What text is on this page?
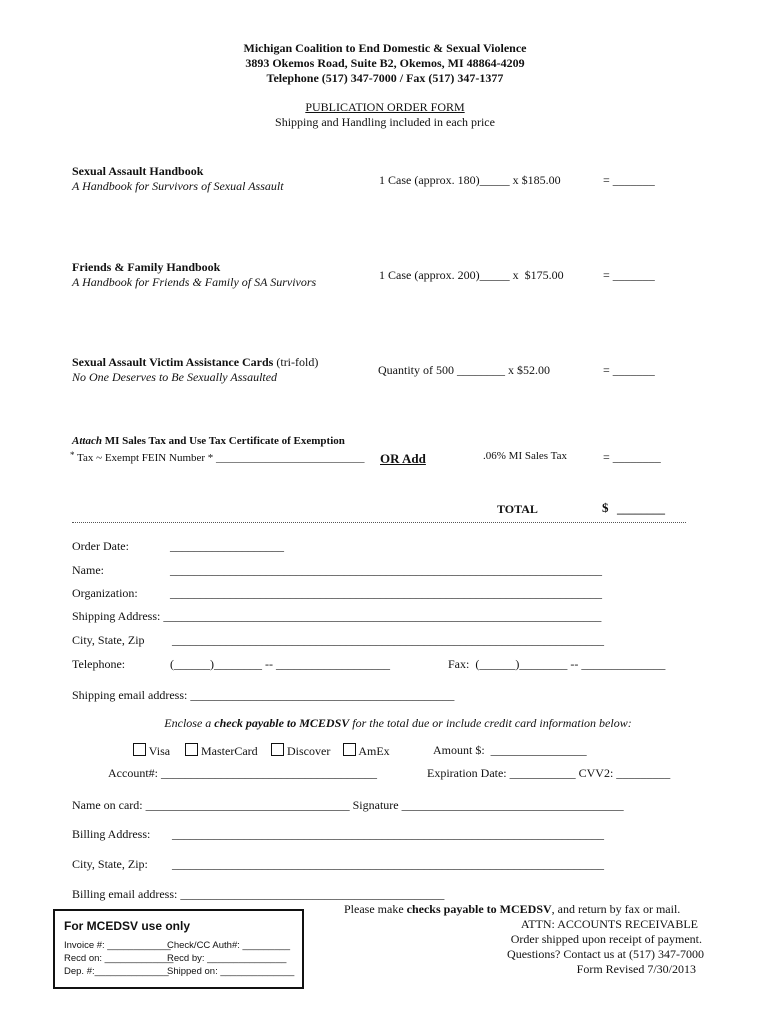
Michigan Coalition to End Domestic & Sexual Violence
3893 Okemos Road, Suite B2, Okemos, MI 48864-4209
Telephone (517) 347-7000 / Fax (517) 347-1377
PUBLICATION ORDER FORM
Shipping and Handling included in each price
Sexual Assault Handbook
A Handbook for Survivors of Sexual Assault	1 Case (approx. 180)_____ x $185.00	= _______
Friends & Family Handbook
A Handbook for Friends & Family of SA Survivors	1 Case (approx. 200)_____ x  $175.00	= _______
Sexual Assault Victim Assistance Cards (tri-fold)
No One Deserves to Be Sexually Assaulted	Quantity of 500 ________ x $52.00	= _______
Attach MI Sales Tax and Use Tax Certificate of Exemption
* Tax ~ Exempt FEIN Number * ___________________________ OR Add	.06% MI Sales Tax	= ________
TOTAL	$ ________
Order Date:	___________________
Name:	________________________________________________________________________
Organization:	________________________________________________________________________
Shipping Address: _________________________________________________________________________
City, State, Zip ________________________________________________________________________
Telephone:	(______)________ -- ___________________	Fax:  (______)________ -- ______________
Shipping email address: ____________________________________________
Enclose a check payable to MCEDSV for the total due or include credit card information below:
Visa	MasterCard	Discover	AmEx	Amount $:  ________________
Account#: ____________________________________	Expiration Date: ___________ CVV2: _________
Name on card: __________________________________ Signature _____________________________________
Billing Address: ________________________________________________________________________
City, State, Zip: ________________________________________________________________________
Billing email address: ____________________________________________
For MCEDSV use only
Invoice #: ____________
Check/CC Auth#: _________
Recd on: _____________
Recd by: _______________
Dep. #:______________
Shipped on: ______________
Please make checks payable to MCEDSV, and return by fax or mail.
ATTN: ACCOUNTS RECEIVABLE
Order shipped upon receipt of payment.
Questions? Contact us at (517) 347-7000
Form Revised 7/30/2013
